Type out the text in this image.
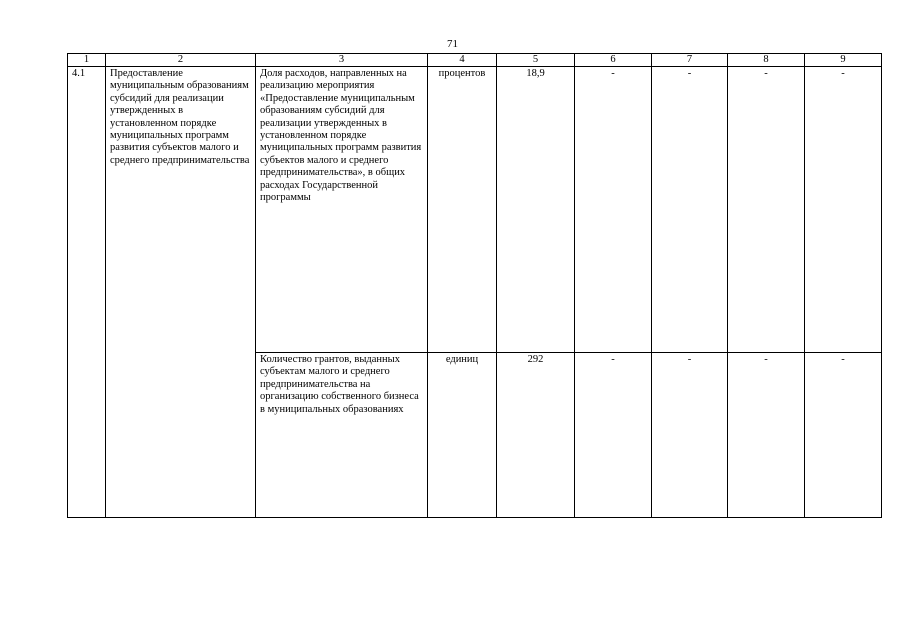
71
1	2	3	4	5	6	7	8	9
4.1	Предоставление муниципальным образованиям субсидий для реализации утвержденных в установленном порядке муниципальных программ развития субъектов малого и среднего предпринимательства	Доля расходов, направленных на реализацию мероприятия «Предоставление муниципальным образованиям субсидий для реализации утвержденных в установленном порядке муниципальных программ развития субъектов малого и среднего предпринимательства», в общих расходах Государственной программы	процентов	18,9	-	-	-	-
		Количество грантов, выданных субъектам малого и среднего предпринимательства на организацию собственного бизнеса в муниципальных образованиях	единиц	292	-	-	-	-
